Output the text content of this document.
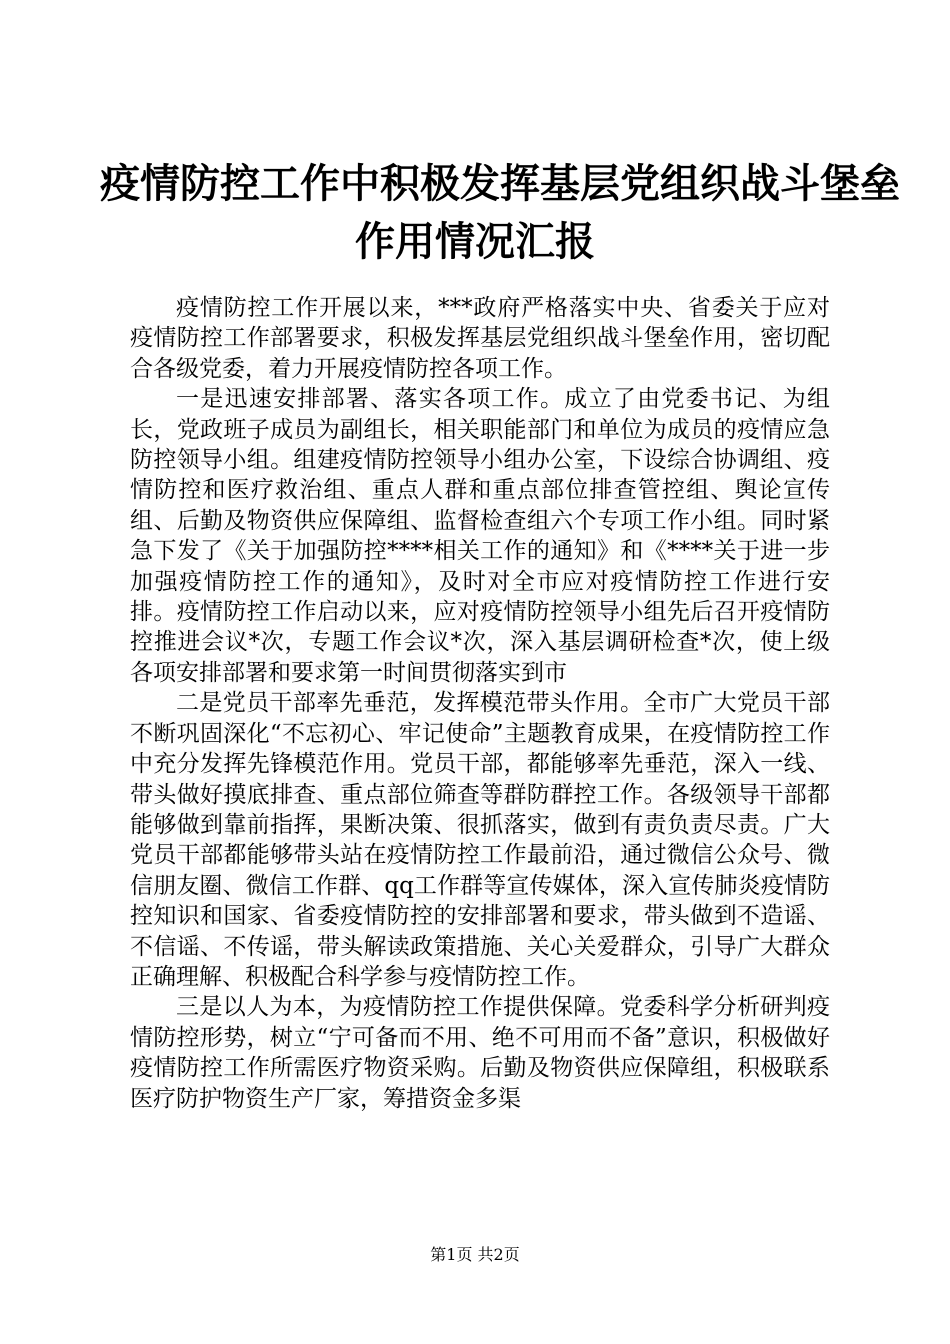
疫情防控工作中积极发挥基层党组织战斗堡垒
作用情况汇报

疫情防控工作开展以来，***政府严格落实中央、省委关于应对疫情防控工作部署要求，积极发挥基层党组织战斗堡垒作用，密切配合各级党委，着力开展疫情防控各项工作。

一是迅速安排部署、落实各项工作。成立了由党委书记、为组长，党政班子成员为副组长，相关职能部门和单位为成员的疫情应急防控领导小组。组建疫情防控领导小组办公室，下设综合协调组、疫情防控和医疗救治组、重点人群和重点部位排查管控组、舆论宣传组、后勤及物资供应保障组、监督检查组六个专项工作小组。同时紧急下发了《关于加强防控****相关工作的通知》和《****关于进一步加强疫情防控工作的通知》，及时对全市应对疫情防控工作进行安排。疫情防控工作启动以来，应对疫情防控领导小组先后召开疫情防控推进会议*次，专题工作会议*次，深入基层调研检查*次，使上级各项安排部署和要求第一时间贯彻落实到市

二是党员干部率先垂范，发挥模范带头作用。全市广大党员干部不断巩固深化“不忘初心、牢记使命”主题教育成果，在疫情防控工作中充分发挥先锋模范作用。党员干部，都能够率先垂范，深入一线、带头做好摸底排查、重点部位筛查等群防群控工作。各级领导干部都能够做到靠前指挥，果断决策、很抓落实，做到有责负责尽责。广大党员干部都能够带头站在疫情防控工作最前沿，通过微信公众号、微信朋友圈、微信工作群、qq工作群等宣传媒体，深入宣传肺炎疫情防控知识和国家、省委疫情防控的安排部署和要求，带头做到不造谣、不信谣、不传谣，带头解读政策措施、关心关爱群众，引导广大群众正确理解、积极配合科学参与疫情防控工作。

三是以人为本，为疫情防控工作提供保障。党委科学分析研判疫情防控形势，树立“宁可备而不用、绝不可用而不备”意识，积极做好疫情防控工作所需医疗物资采购。后勤及物资供应保障组，积极联系医疗防护物资生产厂家，筹措资金多渠

第1页 共2页
